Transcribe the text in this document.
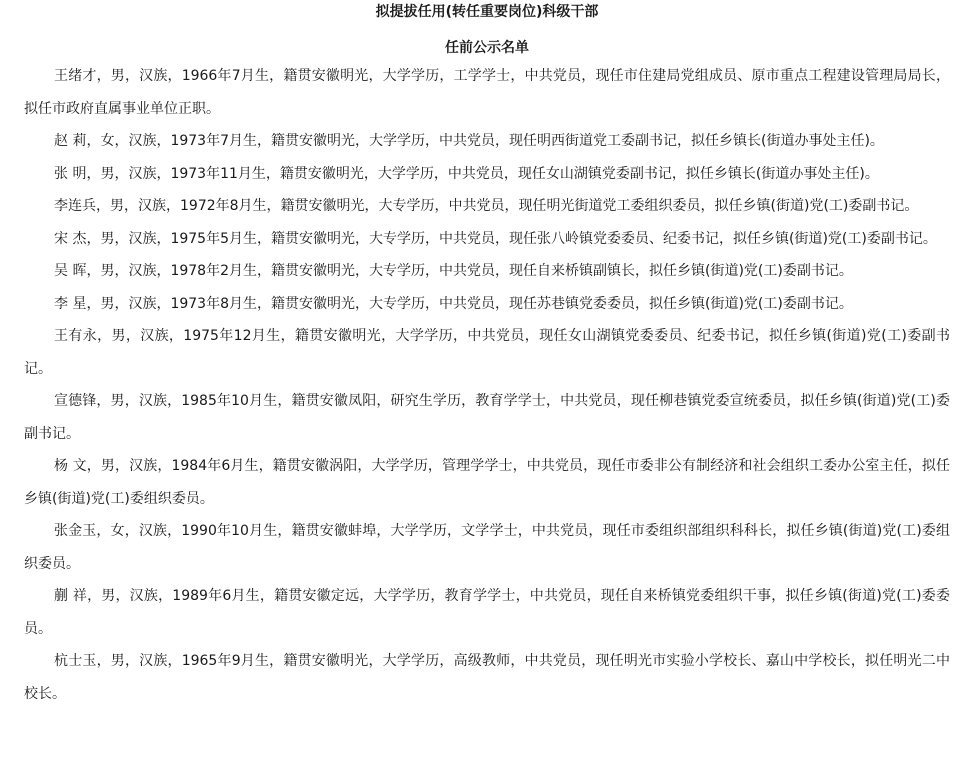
拟提拔任用(转任重要岗位)科级干部
任前公示名单

王绪才，男，汉族，1966年7月生，籍贯安徽明光，大学学历，工学学士，中共党员，现任市住建局党组成员、原市重点工程建设管理局局长，拟任市政府直属事业单位正职。

赵 莉，女，汉族，1973年7月生，籍贯安徽明光，大学学历，中共党员，现任明西街道党工委副书记，拟任乡镇长(街道办事处主任)。

张 明，男，汉族，1973年11月生，籍贯安徽明光，大学学历，中共党员，现任女山湖镇党委副书记，拟任乡镇长(街道办事处主任)。

李连兵，男，汉族，1972年8月生，籍贯安徽明光，大专学历，中共党员，现任明光街道党工委组织委员，拟任乡镇(街道)党(工)委副书记。

宋 杰，男，汉族，1975年5月生，籍贯安徽明光，大专学历，中共党员，现任张八岭镇党委委员、纪委书记，拟任乡镇(街道)党(工)委副书记。

吴 晖，男，汉族，1978年2月生，籍贯安徽明光，大专学历，中共党员，现任自来桥镇副镇长，拟任乡镇(街道)党(工)委副书记。

李 星，男，汉族，1973年8月生，籍贯安徽明光，大专学历，中共党员，现任苏巷镇党委委员，拟任乡镇(街道)党(工)委副书记。

王有永，男，汉族，1975年12月生，籍贯安徽明光，大学学历，中共党员，现任女山湖镇党委委员、纪委书记，拟任乡镇(街道)党(工)委副书记。

宣德锋，男，汉族，1985年10月生，籍贯安徽凤阳，研究生学历，教育学学士，中共党员，现任柳巷镇党委宣统委员，拟任乡镇(街道)党(工)委副书记。

杨 文，男，汉族，1984年6月生，籍贯安徽涡阳，大学学历，管理学学士，中共党员，现任市委非公有制经济和社会组织工委办公室主任，拟任乡镇(街道)党(工)委组织委员。

张金玉，女，汉族，1990年10月生，籍贯安徽蚌埠，大学学历，文学学士，中共党员，现任市委组织部组织科科长，拟任乡镇(街道)党(工)委组织委员。

蒯 祥，男，汉族，1989年6月生，籍贯安徽定远，大学学历，教育学学士，中共党员，现任自来桥镇党委组织干事，拟任乡镇(街道)党(工)委委员。

杭士玉，男，汉族，1965年9月生，籍贯安徽明光，大学学历，高级教师，中共党员，现任明光市实验小学校长、嘉山中学校长，拟任明光二中校长。
